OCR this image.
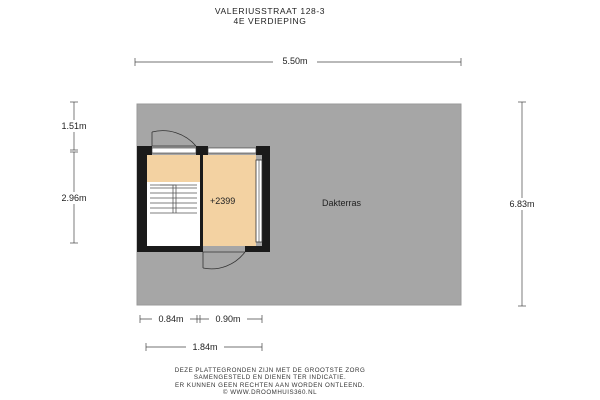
VALERIUSSTRAAT 128-3
4E VERDIEPING
+2399	Dakterras
5.50m
1.51m
2.96m
6.83m
0.84m	0.90m
1.84m
DEZE PLATTEGRONDEN ZIJN MET DE GROOTSTE ZORG
SAMENGESTELD EN DIENEN TER INDICATIE.
ER KUNNEN GEEN RECHTEN AAN WORDEN ONTLEEND.
© WWW.DROOMHUIS360.NL
